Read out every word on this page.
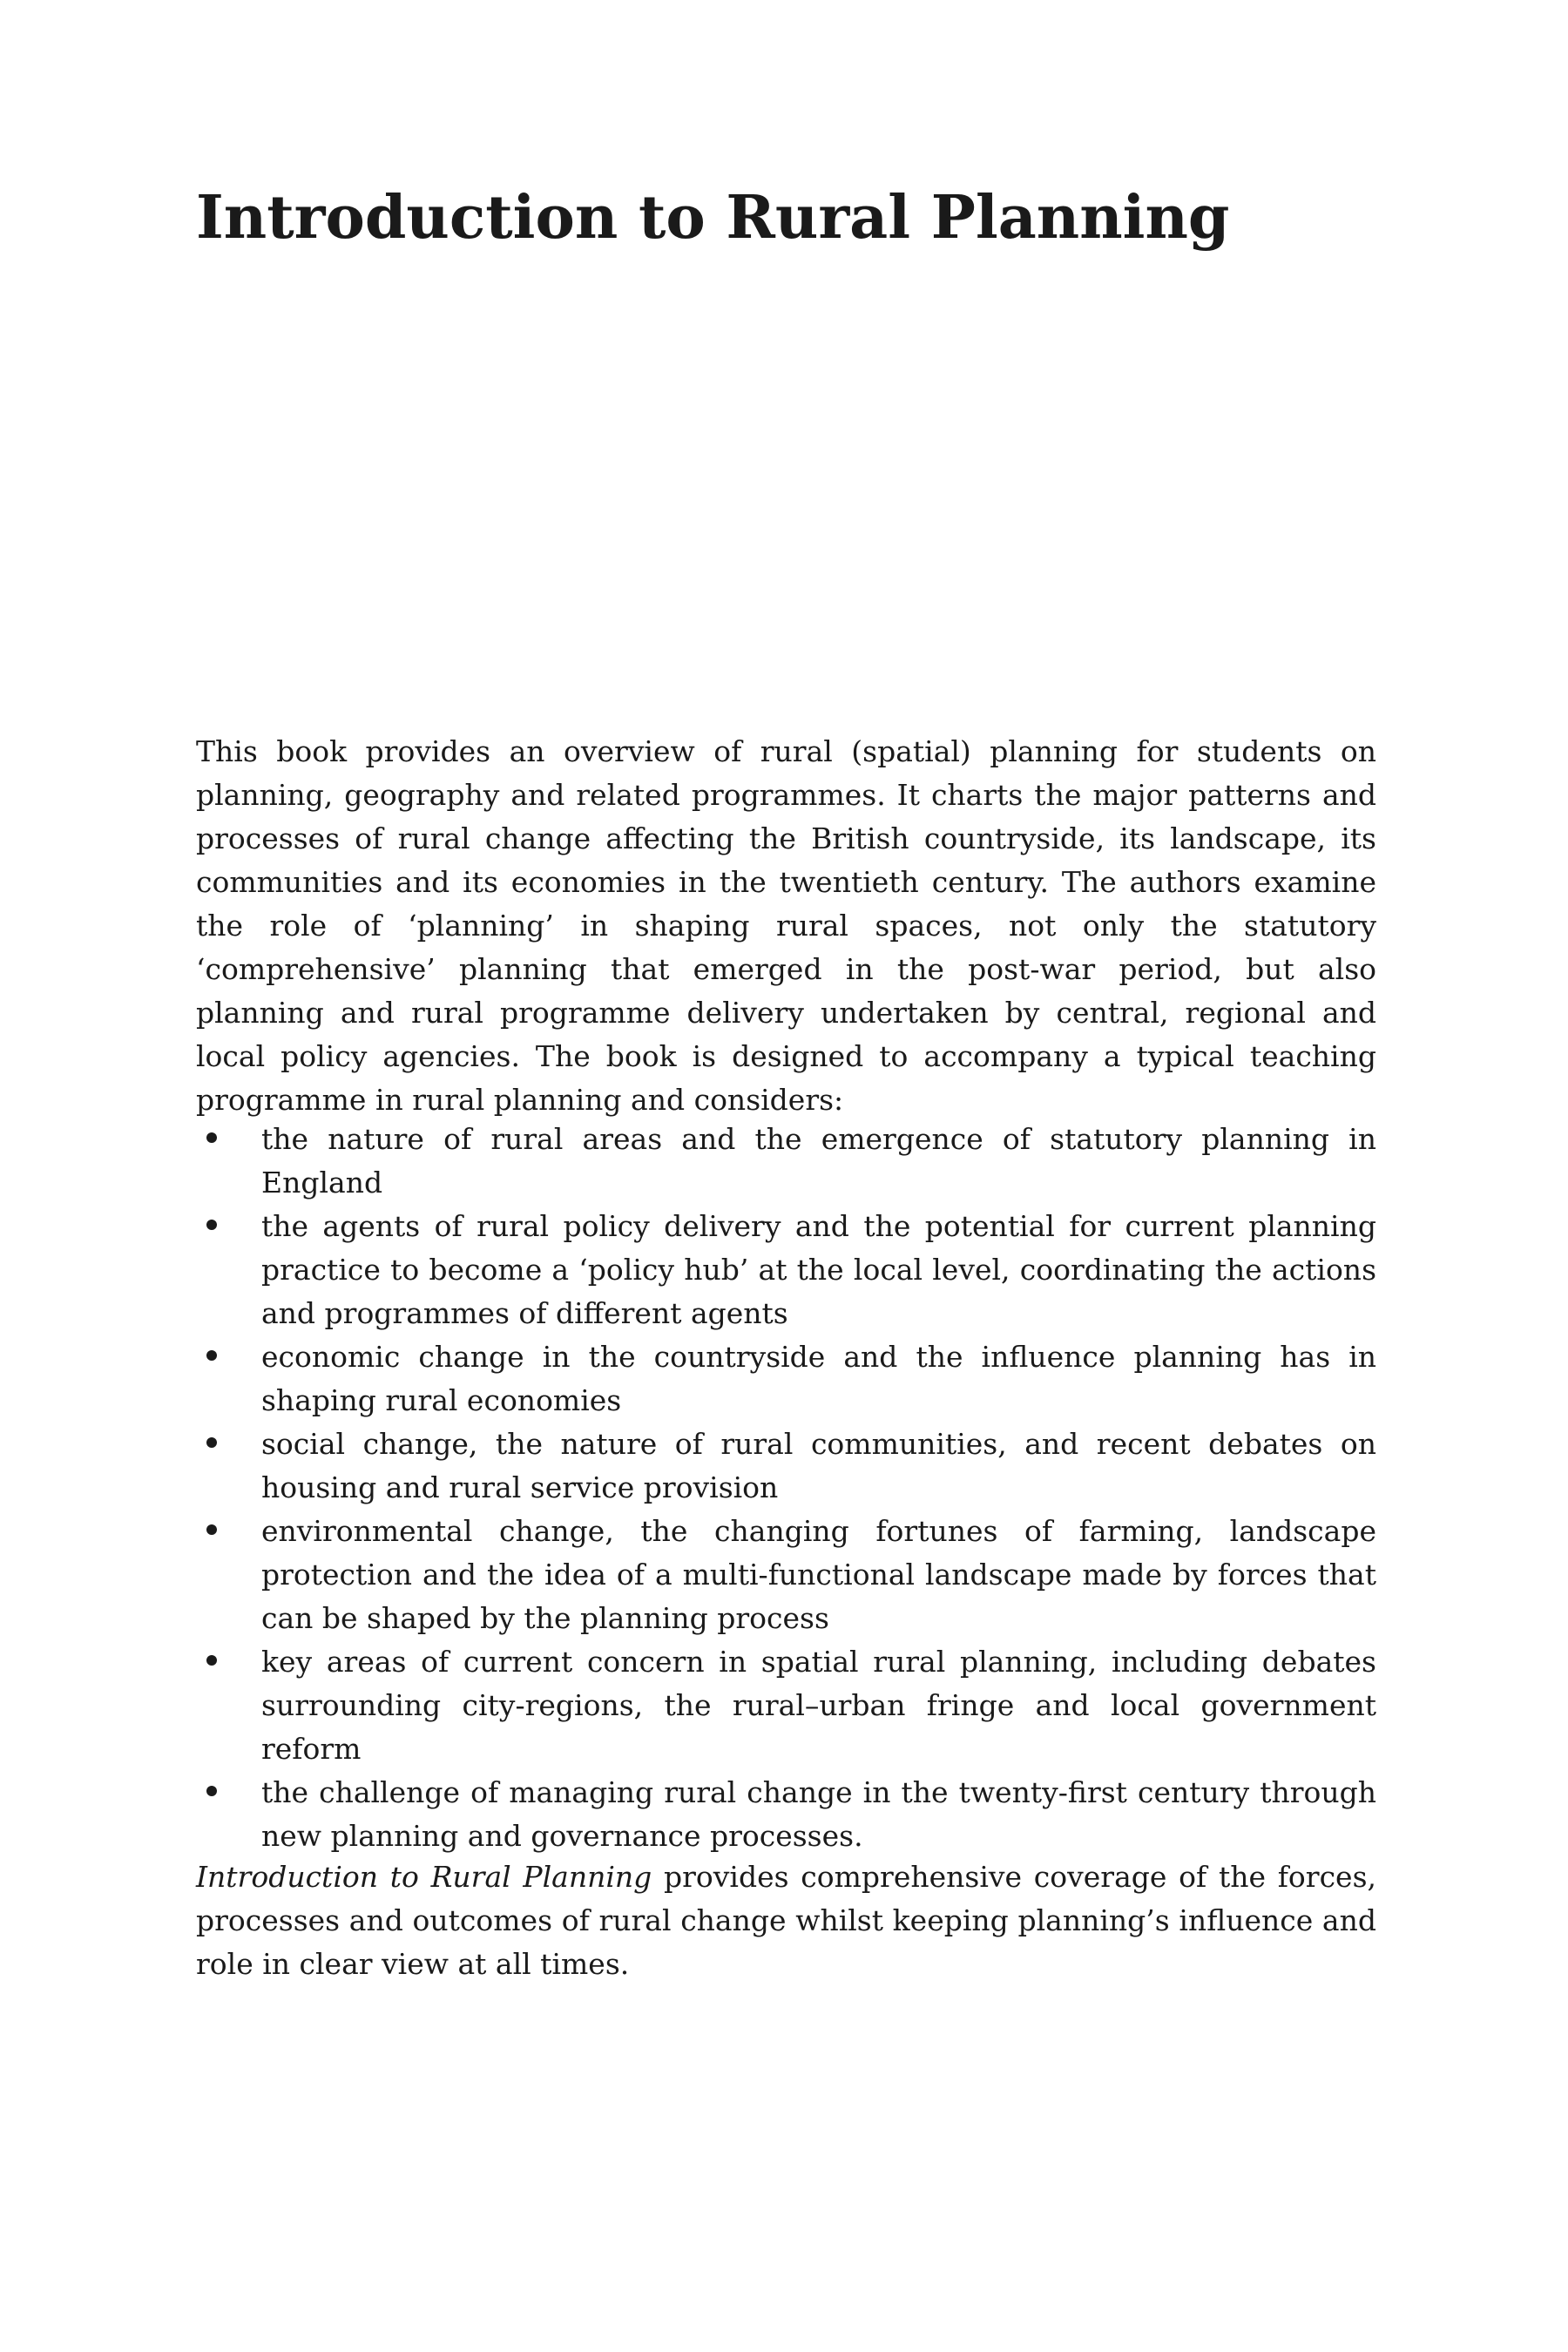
Introduction to Rural Planning

This book provides an overview of rural (spatial) planning for students on planning, geography and related programmes. It charts the major patterns and processes of rural change affecting the British countryside, its landscape, its communities and its economies in the twentieth century. The authors examine the role of ‘planning’ in shaping rural spaces, not only the statutory ‘comprehensive’ planning that emerged in the post-war period, but also planning and rural programme delivery undertaken by central, regional and local policy agencies. The book is designed to accompany a typical teaching programme in rural planning and considers:

the nature of rural areas and the emergence of statutory planning in England
the agents of rural policy delivery and the potential for current planning practice to become a ‘policy hub’ at the local level, coordinating the actions and programmes of different agents
economic change in the countryside and the influence planning has in shaping rural economies
social change, the nature of rural communities, and recent debates on housing and rural service provision
environmental change, the changing fortunes of farming, landscape protection and the idea of a multi-functional landscape made by forces that can be shaped by the planning process
key areas of current concern in spatial rural planning, including debates surrounding city-regions, the rural–urban fringe and local government reform
the challenge of managing rural change in the twenty-first century through new planning and governance processes.

Introduction to Rural Planning provides comprehensive coverage of the forces, processes and outcomes of rural change whilst keeping planning’s influence and role in clear view at all times.
